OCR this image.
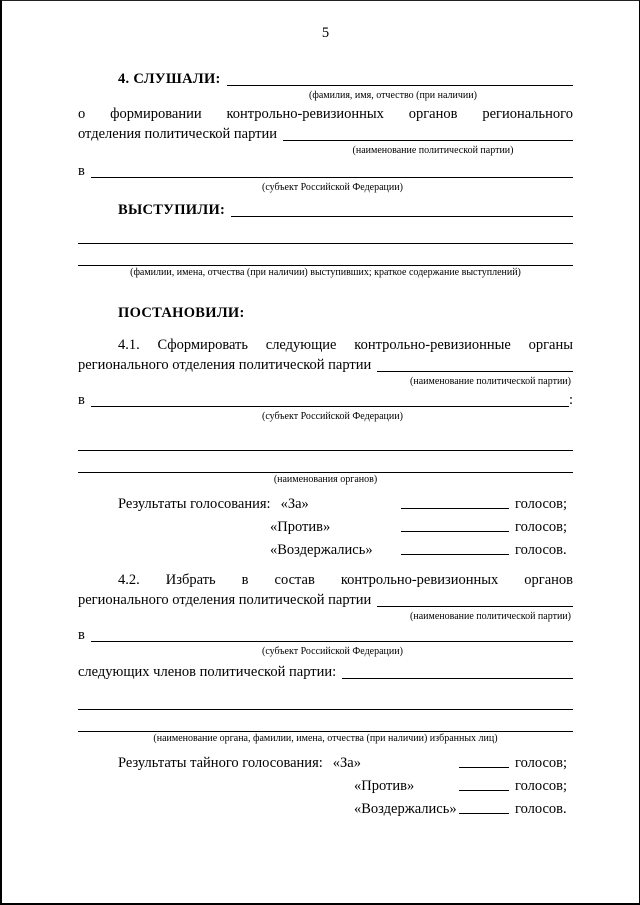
5
4. СЛУШАЛИ:
(фамилия, имя, отчество (при наличии)
о формировании контрольно-ревизионных органов регионального
отделения политической партии
(наименование политической партии)
в
(субъект Российской Федерации)
ВЫСТУПИЛИ:
(фамилии, имена, отчества (при наличии) выступивших; краткое содержание выступлений)
ПОСТАНОВИЛИ:
4.1. Сформировать следующие контрольно-ревизионные органы
регионального отделения политической партии
(наименование политической партии)
в	:
(субъект Российской Федерации)
(наименования органов)
Результаты голосования: «За»	голосов;
«Против»	голосов;
«Воздержались»	голосов.
4.2. Избрать в состав контрольно-ревизионных органов
регионального отделения политической партии
(наименование политической партии)
в
(субъект Российской Федерации)
следующих членов политической партии:
(наименование органа, фамилии, имена, отчества (при наличии) избранных лиц)
Результаты тайного голосования: «За»	голосов;
«Против»	голосов;
«Воздержались»	голосов.
